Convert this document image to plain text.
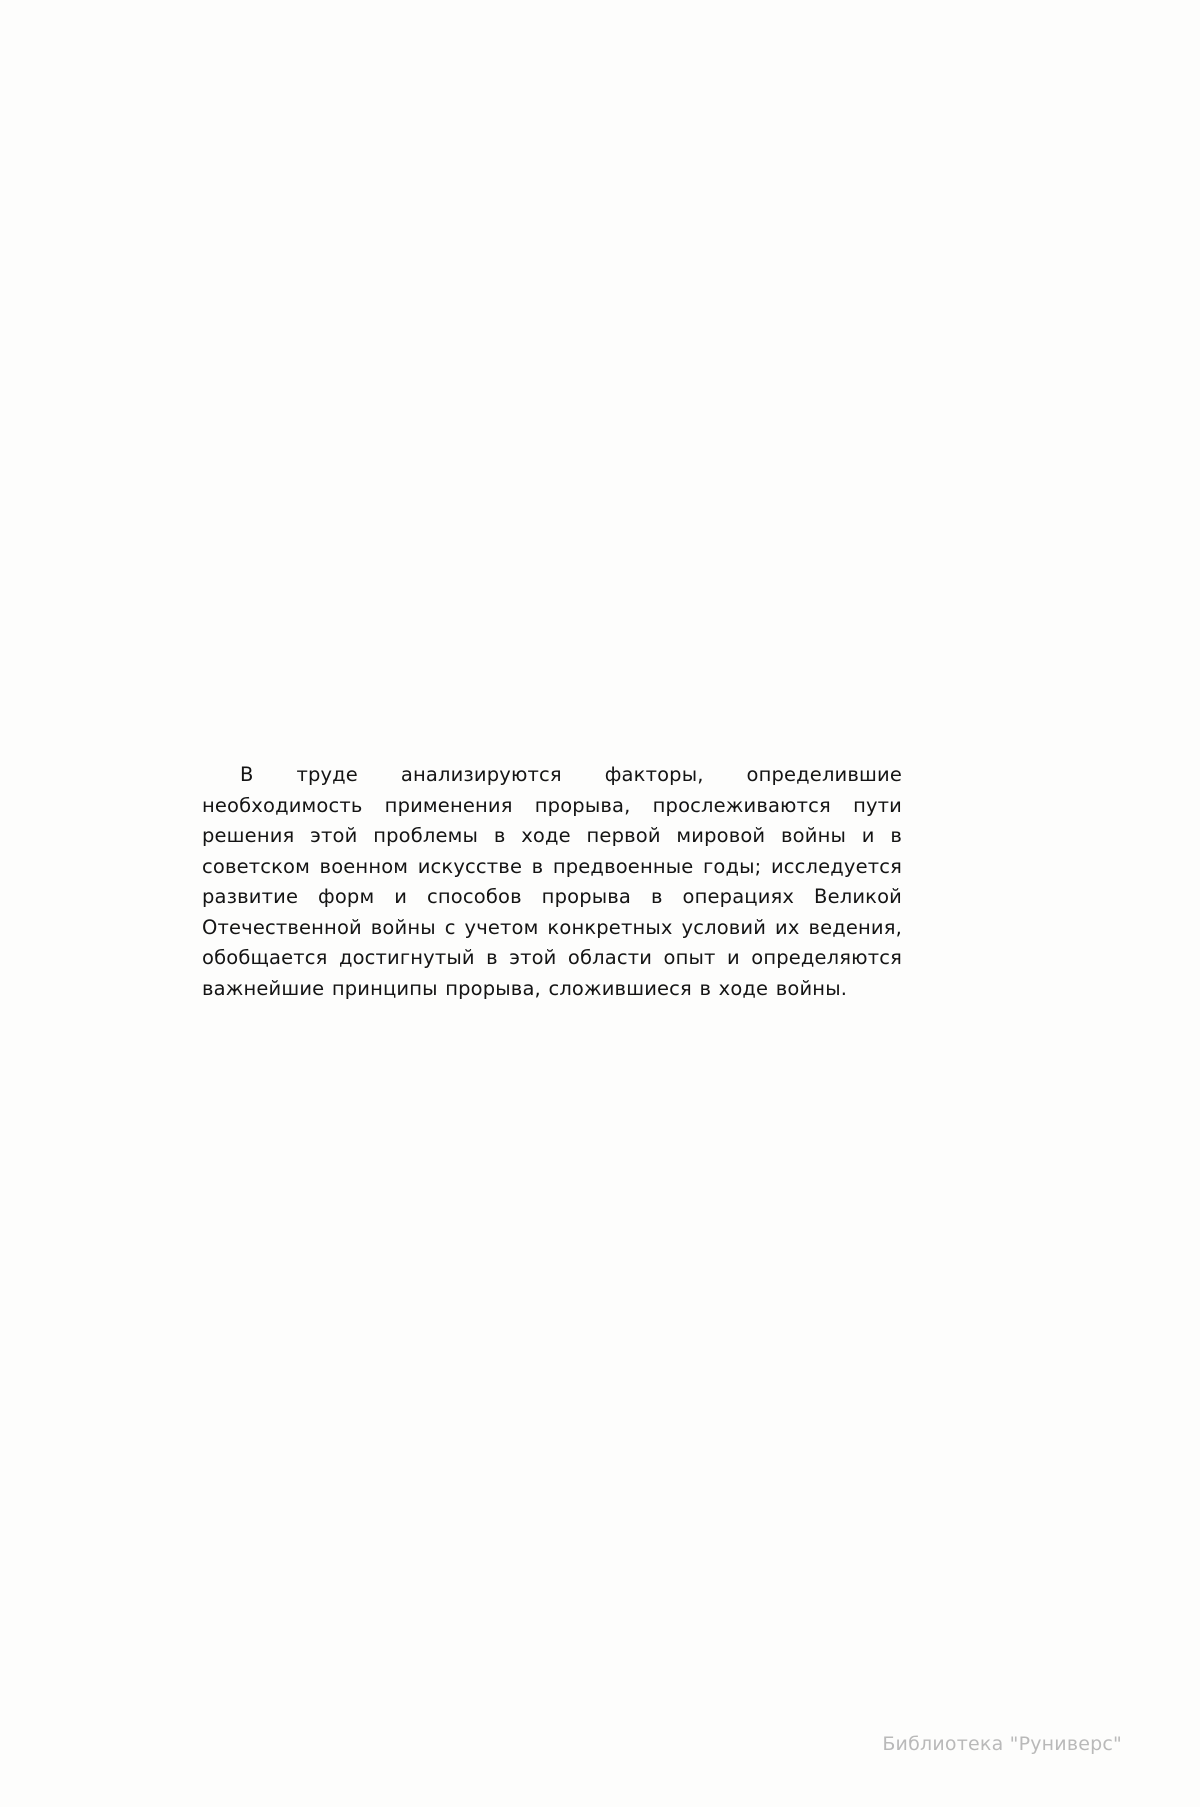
В труде анализируются факторы, определившие необходимость применения прорыва, прослеживаются пути решения этой проблемы в ходе первой мировой войны и в советском военном искусстве в предвоенные годы; исследуется развитие форм и способов прорыва в операциях Великой Отечественной войны с учетом конкретных условий их ведения, обобщается достигнутый в этой области опыт и определяются важнейшие принципы прорыва, сложившиеся в ходе войны.

Библиотека "Руниверс"
